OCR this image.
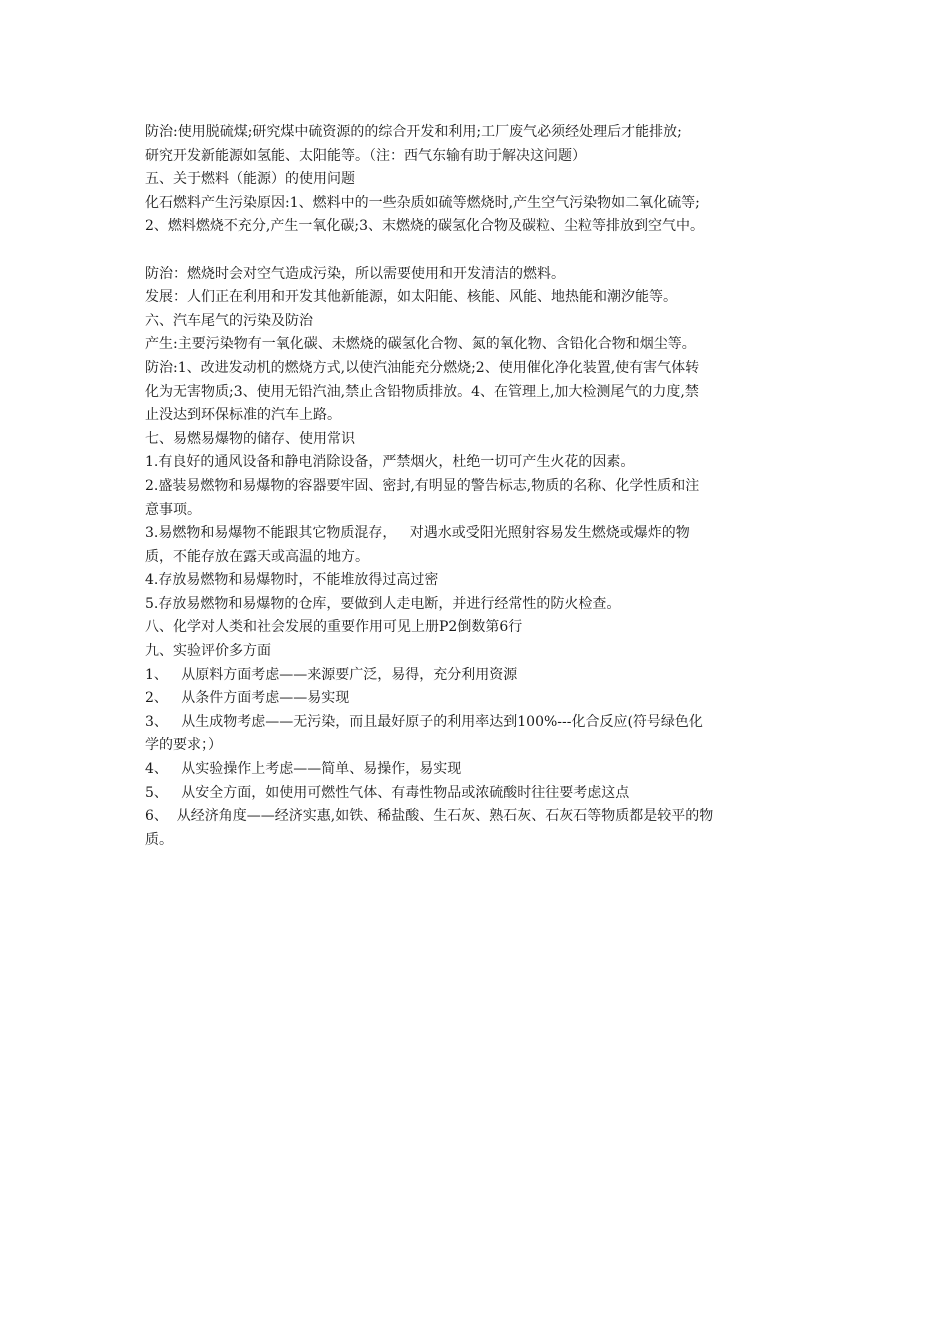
防治:使用脱硫煤;研究煤中硫资源的的综合开发和利用;工厂废气必须经处理后才能排放;
研究开发新能源如氢能、太阳能等。（注：西气东输有助于解决这问题）
五、关于燃料（能源）的使用问题
化石燃料产生污染原因:1、燃料中的一些杂质如硫等燃烧时,产生空气污染物如二氧化硫等;
2、燃料燃烧不充分,产生一氧化碳;3、末燃烧的碳氢化合物及碳粒、尘粒等排放到空气中。
防治：燃烧时会对空气造成污染，所以需要使用和开发清洁的燃料。
发展：人们正在利用和开发其他新能源，如太阳能、核能、风能、地热能和潮汐能等。
六、汽车尾气的污染及防治
产生:主要污染物有一氧化碳、未燃烧的碳氢化合物、氮的氧化物、含铅化合物和烟尘等。
防治:1、改进发动机的燃烧方式,以使汽油能充分燃烧;2、使用催化净化装置,使有害气体转
化为无害物质;3、使用无铅汽油,禁止含铅物质排放。4、在管理上,加大检测尾气的力度,禁
止没达到环保标准的汽车上路。
七、易燃易爆物的储存、使用常识
1.有良好的通风设备和静电消除设备，严禁烟火，杜绝一切可产生火花的因素。
2.盛装易燃物和易爆物的容器要牢固、密封,有明显的警告标志,物质的名称、化学性质和注
意事项。
3.易燃物和易爆物不能跟其它物质混存，   对遇水或受阳光照射容易发生燃烧或爆炸的物
质，不能存放在露天或高温的地方。
4.存放易燃物和易爆物时，不能堆放得过高过密
5.存放易燃物和易爆物的仓库，要做到人走电断，并进行经常性的防火检查。
八、化学对人类和社会发展的重要作用可见上册P2倒数第6行
九、实验评价多方面
1、   从原料方面考虑——来源要广泛，易得，充分利用资源
2、   从条件方面考虑——易实现
3、   从生成物考虑——无污染，而且最好原子的利用率达到100%---化合反应(符号绿色化
学的要求；）
4、   从实验操作上考虑——简单、易操作，易实现
5、   从安全方面，如使用可燃性气体、有毒性物品或浓硫酸时往往要考虑这点
6、  从经济角度——经济实惠,如铁、稀盐酸、生石灰、熟石灰、石灰石等物质都是较平的物
质。
